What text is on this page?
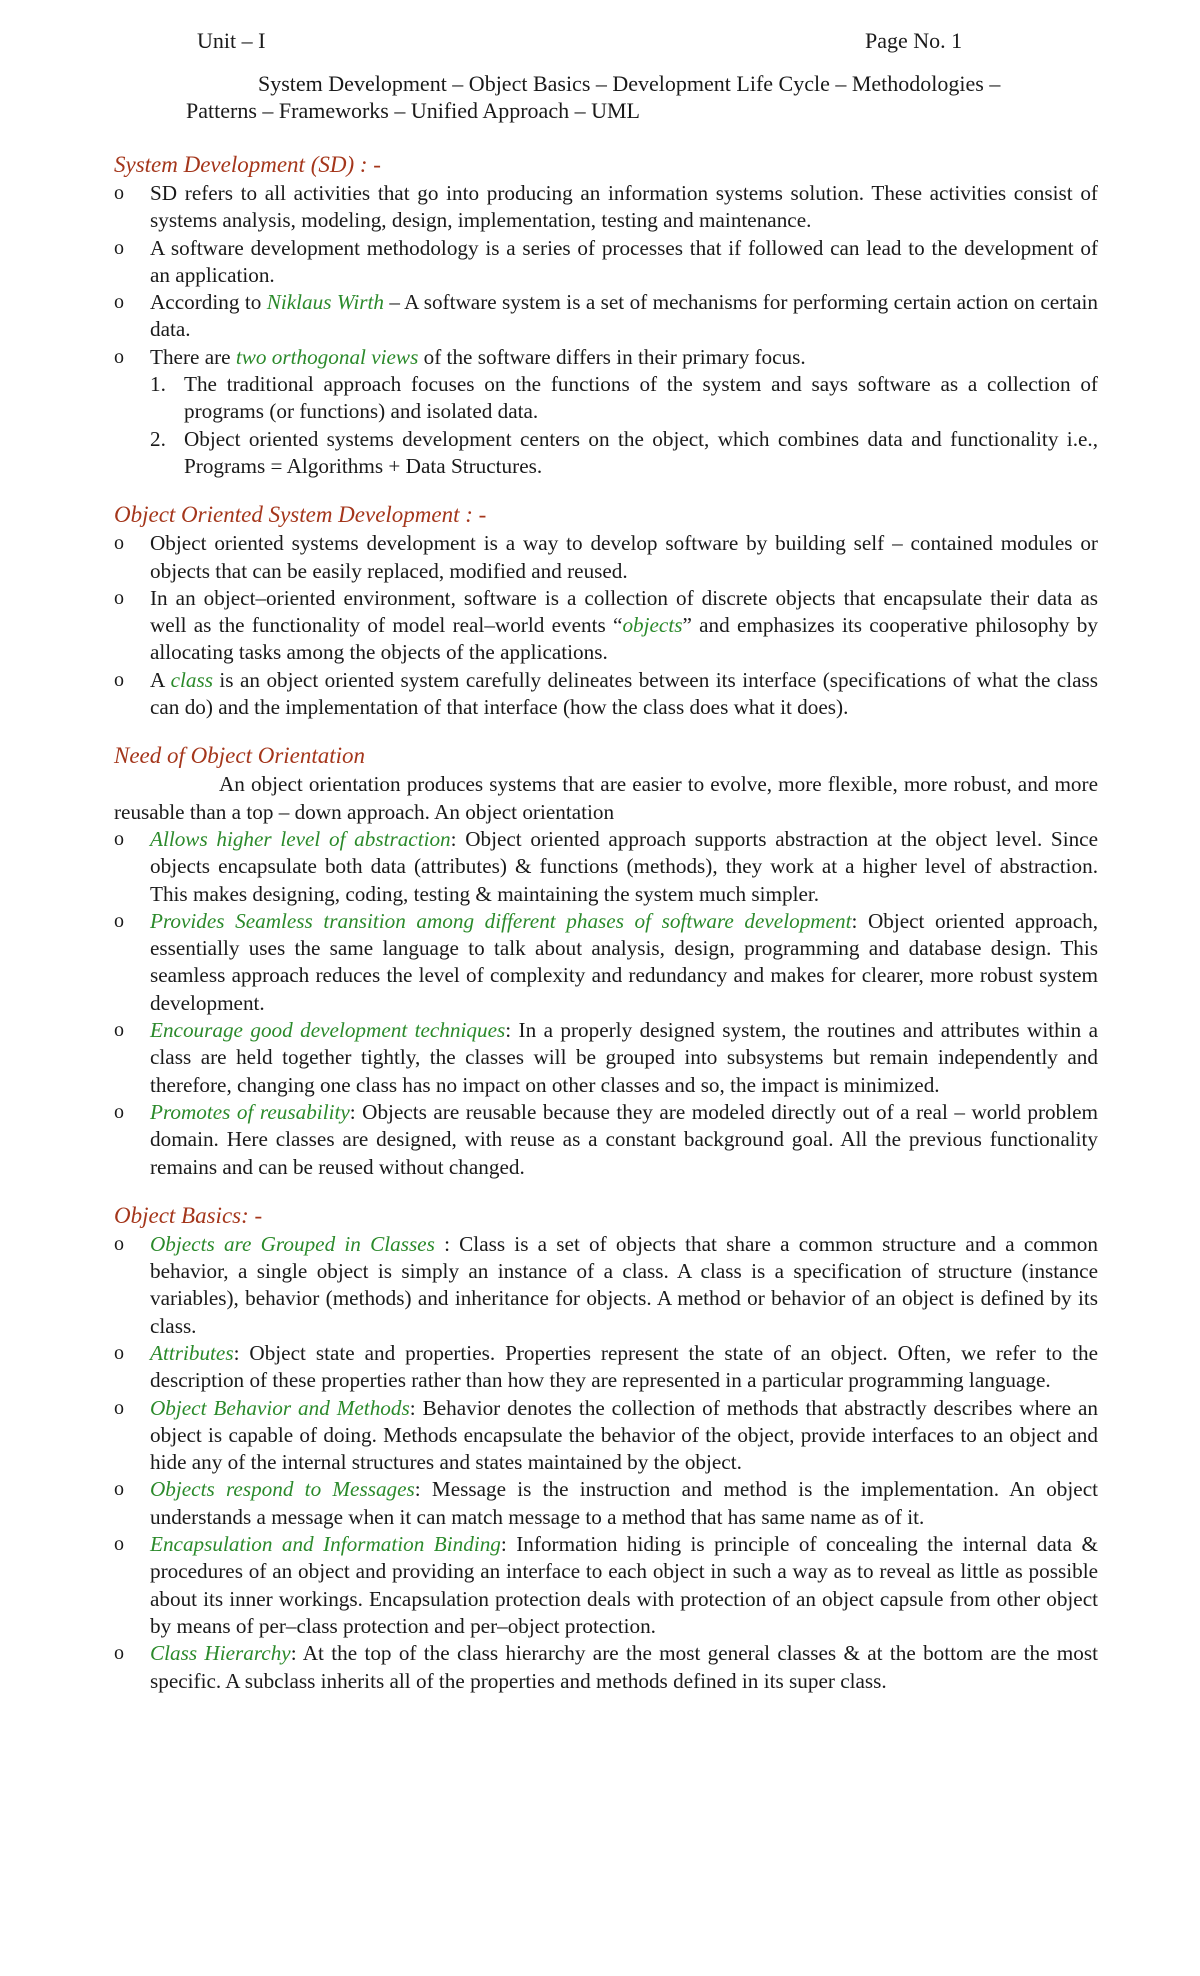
Unit – I	Page No. 1
System Development – Object Basics – Development Life Cycle – Methodologies – Patterns – Frameworks – Unified Approach – UML
System Development (SD) : -
o SD refers to all activities that go into producing an information systems solution. These activities consist of systems analysis, modeling, design, implementation, testing and maintenance.
o A software development methodology is a series of processes that if followed can lead to the development of an application.
o According to Niklaus Wirth – A software system is a set of mechanisms for performing certain action on certain data.
o There are two orthogonal views of the software differs in their primary focus.
1. The traditional approach focuses on the functions of the system and says software as a collection of programs (or functions) and isolated data.
2. Object oriented systems development centers on the object, which combines data and functionality i.e., Programs = Algorithms + Data Structures.
Object Oriented System Development : -
o Object oriented systems development is a way to develop software by building self – contained modules or objects that can be easily replaced, modified and reused.
o In an object–oriented environment, software is a collection of discrete objects that encapsulate their data as well as the functionality of model real–world events “objects” and emphasizes its cooperative philosophy by allocating tasks among the objects of the applications.
o A class is an object oriented system carefully delineates between its interface (specifications of what the class can do) and the implementation of that interface (how the class does what it does).
Need of Object Orientation
An object orientation produces systems that are easier to evolve, more flexible, more robust, and more reusable than a top – down approach. An object orientation
o Allows higher level of abstraction: Object oriented approach supports abstraction at the object level. Since objects encapsulate both data (attributes) & functions (methods), they work at a higher level of abstraction. This makes designing, coding, testing & maintaining the system much simpler.
o Provides Seamless transition among different phases of software development: Object oriented approach, essentially uses the same language to talk about analysis, design, programming and database design. This seamless approach reduces the level of complexity and redundancy and makes for clearer, more robust system development.
o Encourage good development techniques: In a properly designed system, the routines and attributes within a class are held together tightly, the classes will be grouped into subsystems but remain independently and therefore, changing one class has no impact on other classes and so, the impact is minimized.
o Promotes of reusability: Objects are reusable because they are modeled directly out of a real – world problem domain. Here classes are designed, with reuse as a constant background goal. All the previous functionality remains and can be reused without changed.
Object Basics: -
o Objects are Grouped in Classes : Class is a set of objects that share a common structure and a common behavior, a single object is simply an instance of a class. A class is a specification of structure (instance variables), behavior (methods) and inheritance for objects. A method or behavior of an object is defined by its class.
o Attributes: Object state and properties. Properties represent the state of an object. Often, we refer to the description of these properties rather than how they are represented in a particular programming language.
o Object Behavior and Methods: Behavior denotes the collection of methods that abstractly describes where an object is capable of doing. Methods encapsulate the behavior of the object, provide interfaces to an object and hide any of the internal structures and states maintained by the object.
o Objects respond to Messages: Message is the instruction and method is the implementation. An object understands a message when it can match message to a method that has same name as of it.
o Encapsulation and Information Binding: Information hiding is principle of concealing the internal data & procedures of an object and providing an interface to each object in such a way as to reveal as little as possible about its inner workings. Encapsulation protection deals with protection of an object capsule from other object by means of per–class protection and per–object protection.
o Class Hierarchy: At the top of the class hierarchy are the most general classes & at the bottom are the most specific. A subclass inherits all of the properties and methods defined in its super class.
